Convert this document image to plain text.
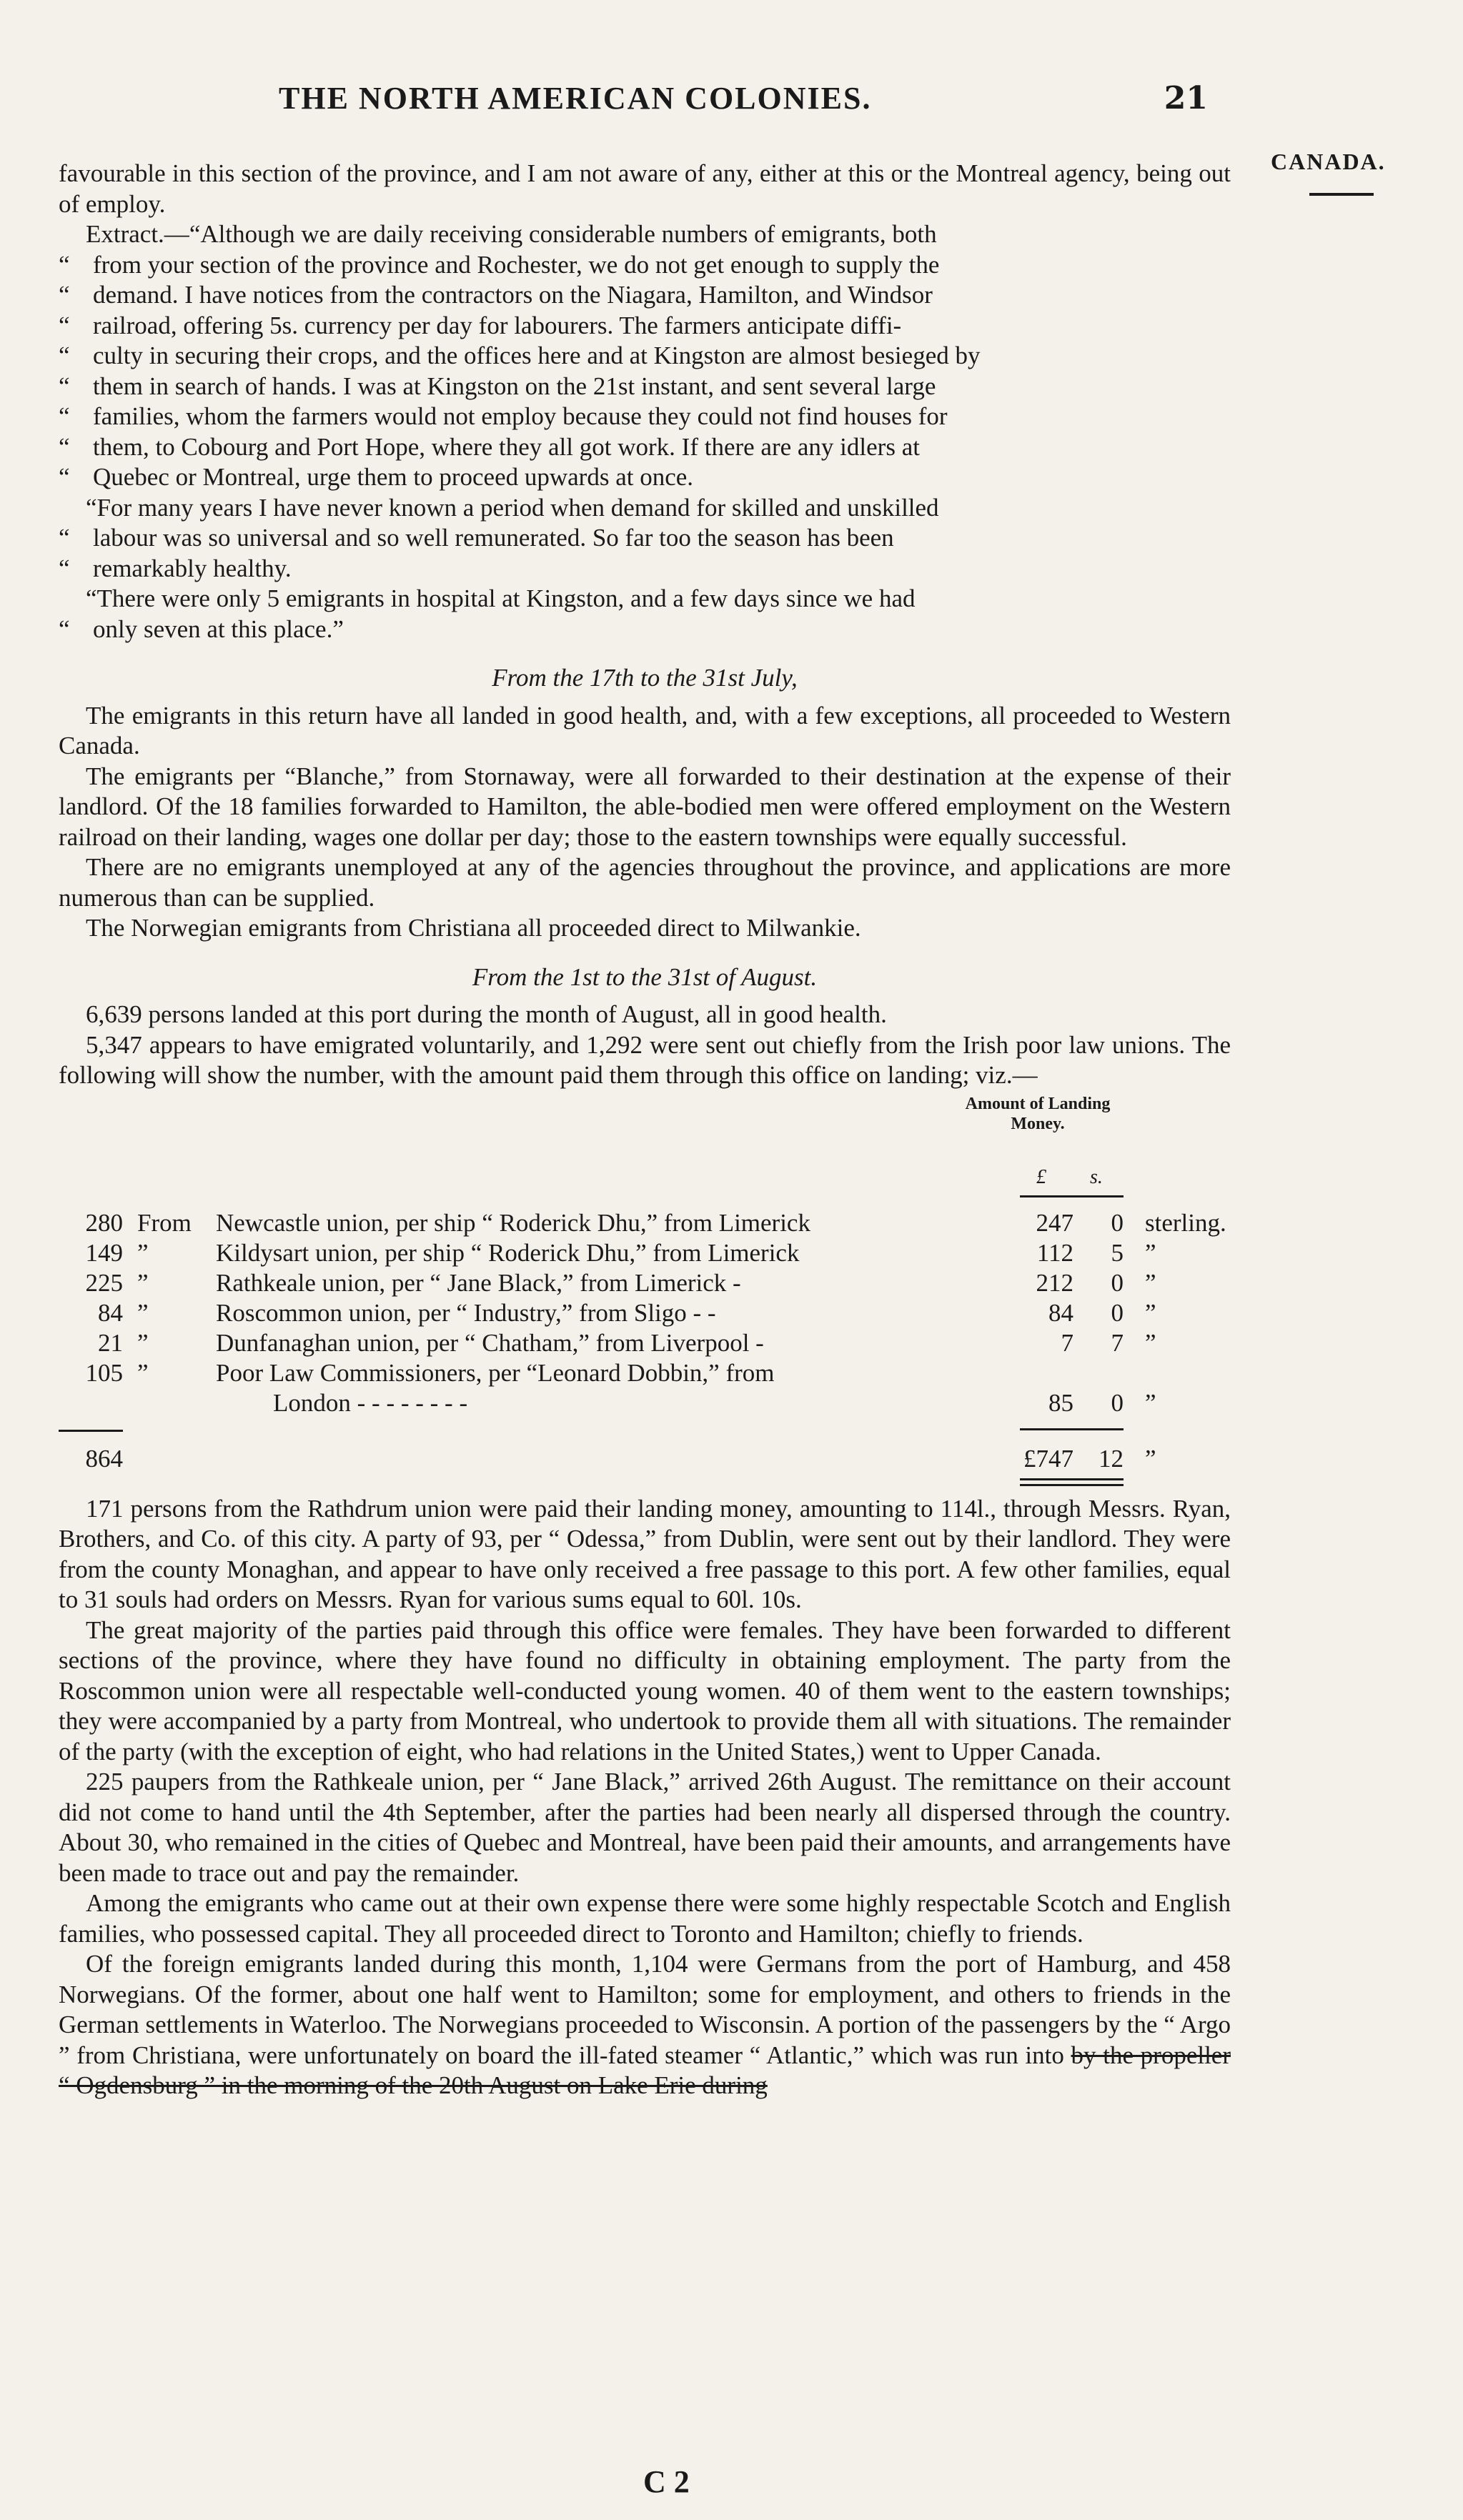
THE NORTH AMERICAN COLONIES.	21
CANADA.

favourable in this section of the province, and I am not aware of any, either at this or the Montreal agency, being out of employ.

Extract.—“Although we are daily receiving considerable numbers of emigrants, both

“ from your section of the province and Rochester, we do not get enough to supply the
“ demand. I have notices from the contractors on the Niagara, Hamilton, and Windsor
“ railroad, offering 5s. currency per day for labourers. The farmers anticipate diffi-
“ culty in securing their crops, and the offices here and at Kingston are almost besieged by
“ them in search of hands. I was at Kingston on the 21st instant, and sent several large
“ families, whom the farmers would not employ because they could not find houses for
“ them, to Cobourg and Port Hope, where they all got work. If there are any idlers at
“ Quebec or Montreal, urge them to proceed upwards at once.

“For many years I have never known a period when demand for skilled and unskilled

“ labour was so universal and so well remunerated. So far too the season has been
“ remarkably healthy.

“There were only 5 emigrants in hospital at Kingston, and a few days since we had

“ only seven at this place.”

From the 17th to the 31st July,

The emigrants in this return have all landed in good health, and, with a few exceptions, all proceeded to Western Canada.

The emigrants per “Blanche,” from Stornaway, were all forwarded to their destination at the expense of their landlord. Of the 18 families forwarded to Hamilton, the able-bodied men were offered employment on the Western railroad on their landing, wages one dollar per day; those to the eastern townships were equally successful.

There are no emigrants unemployed at any of the agencies throughout the province, and applications are more numerous than can be supplied.

The Norwegian emigrants from Christiana all proceeded direct to Milwankie.

From the 1st to the 31st of August.

6,639 persons landed at this port during the month of August, all in good health.

5,347 appears to have emigrated voluntarily, and 1,292 were sent out chiefly from the Irish poor law unions. The following will show the number, with the amount paid them through this office on landing; viz.—

Amount of Landing Money.
£ s.
280 From Newcastle union, per ship “ Roderick Dhu,” from Limerick	247	0 sterling.
149 ”	Kildysart union, per ship “ Roderick Dhu,” from Limerick	112	5 ”
225 ”	Rathkeale union, per “ Jane Black,” from Limerick -	212	0 ”
84 ”	Roscommon union, per “ Industry,” from Sligo - -	84	0 ”
21 ”	Dunfanaghan union, per “ Chatham,” from Liverpool -	7	7 ”
105 ”	Poor Law Commissioners, per “Leonard Dobbin,” from
London - - - - - - - -	85	0 ”
864	£747	12 ”

171 persons from the Rathdrum union were paid their landing money, amounting to 114l., through Messrs. Ryan, Brothers, and Co. of this city. A party of 93, per “ Odessa,” from Dublin, were sent out by their landlord. They were from the county Monaghan, and appear to have only received a free passage to this port. A few other families, equal to 31 souls had orders on Messrs. Ryan for various sums equal to 60l. 10s.

The great majority of the parties paid through this office were females. They have been forwarded to different sections of the province, where they have found no difficulty in obtaining employment. The party from the Roscommon union were all respectable well-conducted young women. 40 of them went to the eastern townships; they were accompanied by a party from Montreal, who undertook to provide them all with situations. The remainder of the party (with the exception of eight, who had relations in the United States,) went to Upper Canada.

225 paupers from the Rathkeale union, per “ Jane Black,” arrived 26th August. The remittance on their account did not come to hand until the 4th September, after the parties had been nearly all dispersed through the country. About 30, who remained in the cities of Quebec and Montreal, have been paid their amounts, and arrangements have been made to trace out and pay the remainder.

Among the emigrants who came out at their own expense there were some highly respectable Scotch and English families, who possessed capital. They all proceeded direct to Toronto and Hamilton; chiefly to friends.

Of the foreign emigrants landed during this month, 1,104 were Germans from the port of Hamburg, and 458 Norwegians. Of the former, about one half went to Hamilton; some for employment, and others to friends in the German settlements in Waterloo. The Norwegians proceeded to Wisconsin. A portion of the passengers by the “ Argo ” from Christiana, were unfortunately on board the ill-fated steamer “ Atlantic,” which was run into by the propeller “ Ogdensburg ” in the morning of the 20th August on Lake Erie during

C 2
